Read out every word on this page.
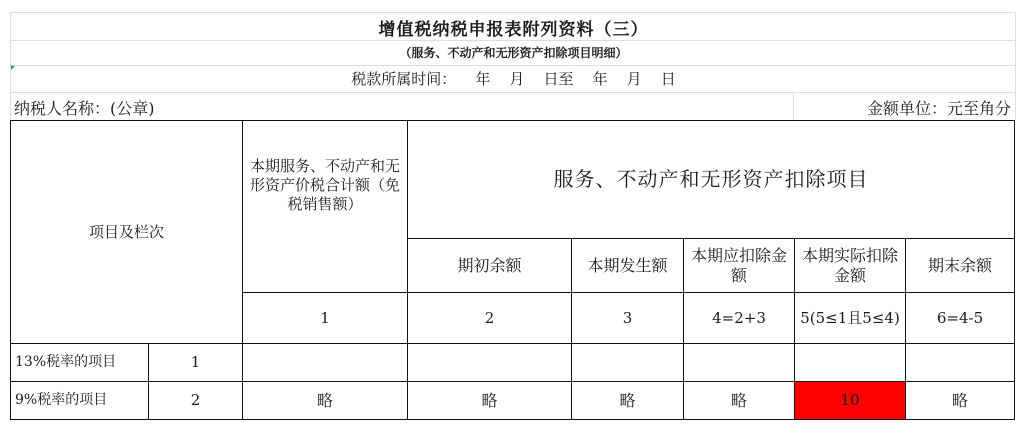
增值税纳税申报表附列资料（三）
（服务、不动产和无形资产扣除项目明细）
税款所属时间：    年    月    日至    年    月    日
纳税人名称：(公章)	金额单位：元至角分
项目及栏次		本期服务、不动产和无形资产价税合计额（免税销售额）	服务、不动产和无形资产扣除项目				
			期初余额	本期发生额	本期应扣除金额	本期实际扣除金额	期末余额
		1	2	3	4=2+3	5(5≤1且5≤4)	6=4-5
13%税率的项目	1						
9%税率的项目	2	略	略	略	略	10	略
